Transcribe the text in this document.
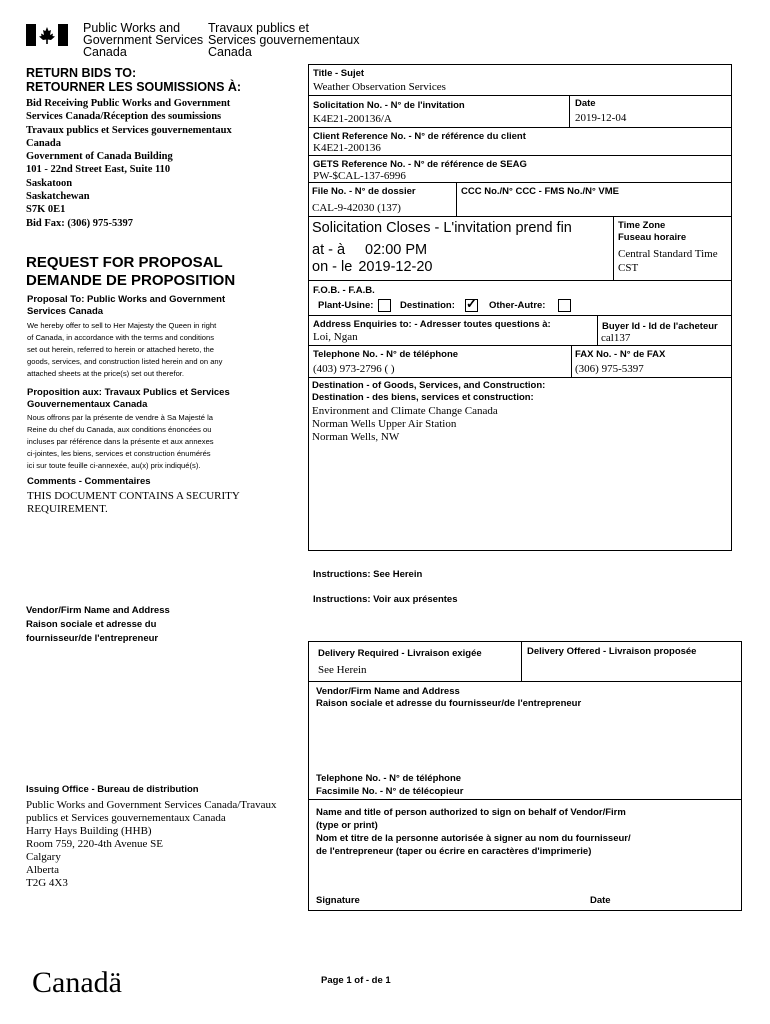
Public Works and
Government Services
Canada
Travaux publics et
Services gouvernementaux
Canada
RETURN BIDS TO:
RETOURNER LES SOUMISSIONS À:
Bid Receiving Public Works and Government
Services Canada/Réception des soumissions
Travaux publics et Services gouvernementaux
Canada
Government of Canada Building
101 - 22nd Street East, Suite 110
Saskatoon
Saskatchewan
S7K 0E1
Bid Fax: (306) 975-5397
REQUEST FOR PROPOSAL
DEMANDE DE PROPOSITION
Proposal To: Public Works and Government
Services Canada
We hereby offer to sell to Her Majesty the Queen in right
of Canada, in accordance with the terms and conditions
set out herein, referred to herein or attached hereto, the
goods, services, and construction listed herein and on any
attached sheets at the price(s) set out therefor.
Proposition aux: Travaux Publics et Services
Gouvernementaux Canada
Nous offrons par la présente de vendre à Sa Majesté la
Reine du chef du Canada, aux conditions énoncées ou
incluses par référence dans la présente et aux annexes
ci-jointes, les biens, services et construction énumérés
ici sur toute feuille ci-annexée, au(x) prix indiqué(s).
Comments - Commentaires
THIS DOCUMENT CONTAINS A SECURITY
REQUIREMENT.
Vendor/Firm Name and Address
Raison sociale et adresse du
fournisseur/de l'entrepreneur
Issuing Office - Bureau de distribution
Public Works and Government Services Canada/Travaux
publics et Services gouvernementaux Canada
Harry Hays Building (HHB)
Room 759, 220-4th Avenue SE
Calgary
Alberta
T2G 4X3
Title - Sujet
Weather Observation Services
Solicitation No. - N° de l'invitation
K4E21-200136/A
Date
2019-12-04
Client Reference No. - N° de référence du client
K4E21-200136
GETS Reference No. - N° de référence de SEAG
PW-$CAL-137-6996
File No. - N° de dossier
CAL-9-42030 (137)
CCC No./N° CCC - FMS No./N° VME
Solicitation Closes - L'invitation prend fin
at - à 02:00 PM
on - le 2019-12-20
Time Zone
Fuseau horaire
Central Standard Time
CST
F.O.B. - F.A.B.
Plant-Usine:	Destination: ✓ Other-Autre:
Address Enquiries to: - Adresser toutes questions à:
Loi, Ngan
Buyer Id - Id de l'acheteur
cal137
Telephone No. - N° de téléphone
(403) 973-2796 ( )
FAX No. - N° de FAX
(306) 975-5397
Destination - of Goods, Services, and Construction:
Destination - des biens, services et construction:
Environment and Climate Change Canada
Norman Wells Upper Air Station
Norman Wells, NW
Instructions: See Herein
Instructions: Voir aux présentes
Delivery Required - Livraison exigée
See Herein
Delivery Offered - Livraison proposée
Vendor/Firm Name and Address
Raison sociale et adresse du fournisseur/de l'entrepreneur
Telephone No. - N° de téléphone
Facsimile No. - N° de télécopieur
Name and title of person authorized to sign on behalf of Vendor/Firm
(type or print)
Nom et titre de la personne autorisée à signer au nom du fournisseur/
de l'entrepreneur (taper ou écrire en caractères d'imprimerie)
Signature	Date
Canadä	Page 1 of - de 1
